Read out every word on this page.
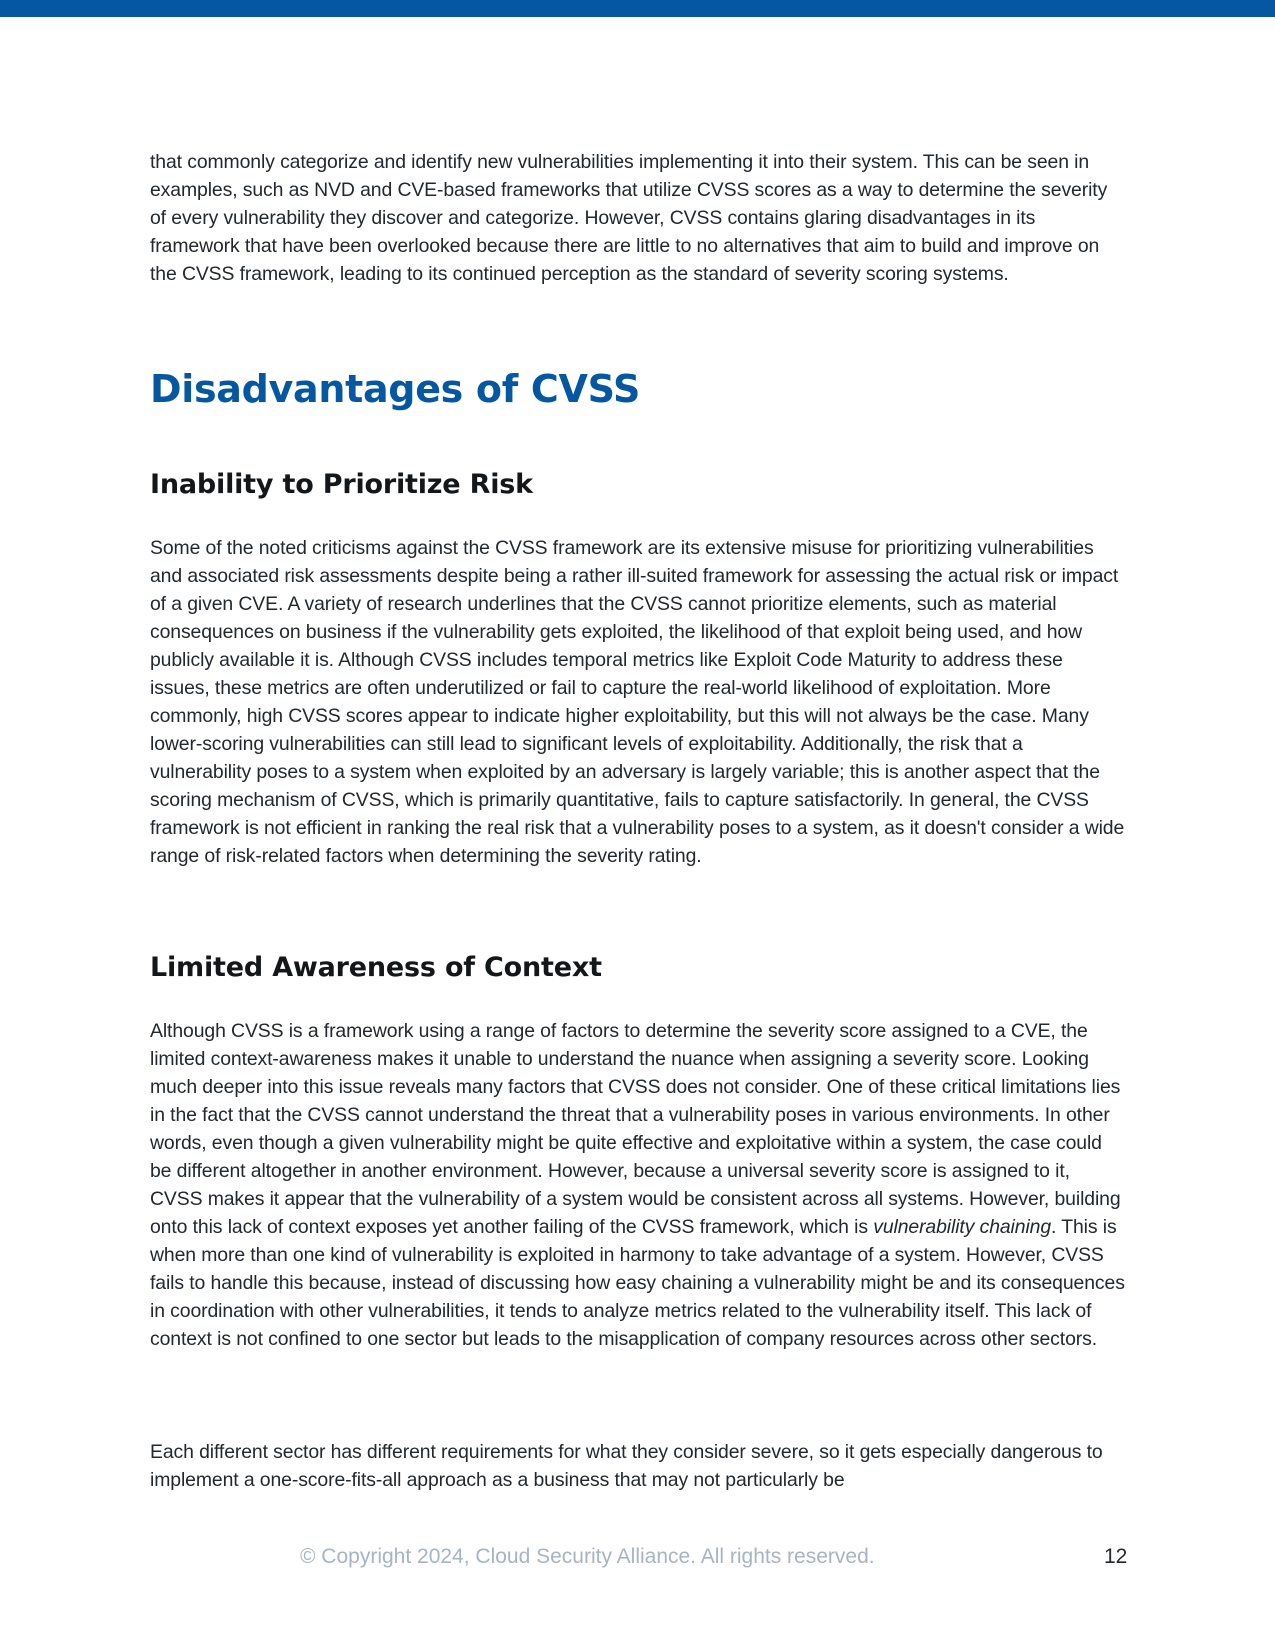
that commonly categorize and identify new vulnerabilities implementing it into their system. This can be seen in examples, such as NVD and CVE-based frameworks that utilize CVSS scores as a way to determine the severity of every vulnerability they discover and categorize. However, CVSS contains glaring disadvantages in its framework that have been overlooked because there are little to no alternatives that aim to build and improve on the CVSS framework, leading to its continued perception as the standard of severity scoring systems.

Disadvantages of CVSS
Inability to Prioritize Risk

Some of the noted criticisms against the CVSS framework are its extensive misuse for prioritizing vulnerabilities and associated risk assessments despite being a rather ill-suited framework for assessing the actual risk or impact of a given CVE. A variety of research underlines that the CVSS cannot prioritize elements, such as material consequences on business if the vulnerability gets exploited, the likelihood of that exploit being used, and how publicly available it is. Although CVSS includes temporal metrics like Exploit Code Maturity to address these issues, these metrics are often underutilized or fail to capture the real-world likelihood of exploitation. More commonly, high CVSS scores appear to indicate higher exploitability, but this will not always be the case. Many lower-scoring vulnerabilities can still lead to significant levels of exploitability. Additionally, the risk that a vulnerability poses to a system when exploited by an adversary is largely variable; this is another aspect that the scoring mechanism of CVSS, which is primarily quantitative, fails to capture satisfactorily. In general, the CVSS framework is not efficient in ranking the real risk that a vulnerability poses to a system, as it doesn't consider a wide range of risk-related factors when determining the severity rating.

Limited Awareness of Context

Although CVSS is a framework using a range of factors to determine the severity score assigned to a CVE, the limited context-awareness makes it unable to understand the nuance when assigning a severity score. Looking much deeper into this issue reveals many factors that CVSS does not consider. One of these critical limitations lies in the fact that the CVSS cannot understand the threat that a vulnerability poses in various environments. In other words, even though a given vulnerability might be quite effective and exploitative within a system, the case could be different altogether in another environment. However, because a universal severity score is assigned to it, CVSS makes it appear that the vulnerability of a system would be consistent across all systems. However, building onto this lack of context exposes yet another failing of the CVSS framework, which is vulnerability chaining. This is when more than one kind of vulnerability is exploited in harmony to take advantage of a system. However, CVSS fails to handle this because, instead of discussing how easy chaining a vulnerability might be and its consequences in coordination with other vulnerabilities, it tends to analyze metrics related to the vulnerability itself. This lack of context is not confined to one sector but leads to the misapplication of company resources across other sectors.

Each different sector has different requirements for what they consider severe, so it gets especially dangerous to implement a one-score-fits-all approach as a business that may not particularly be

© Copyright 2024, Cloud Security Alliance. All rights reserved.	12
